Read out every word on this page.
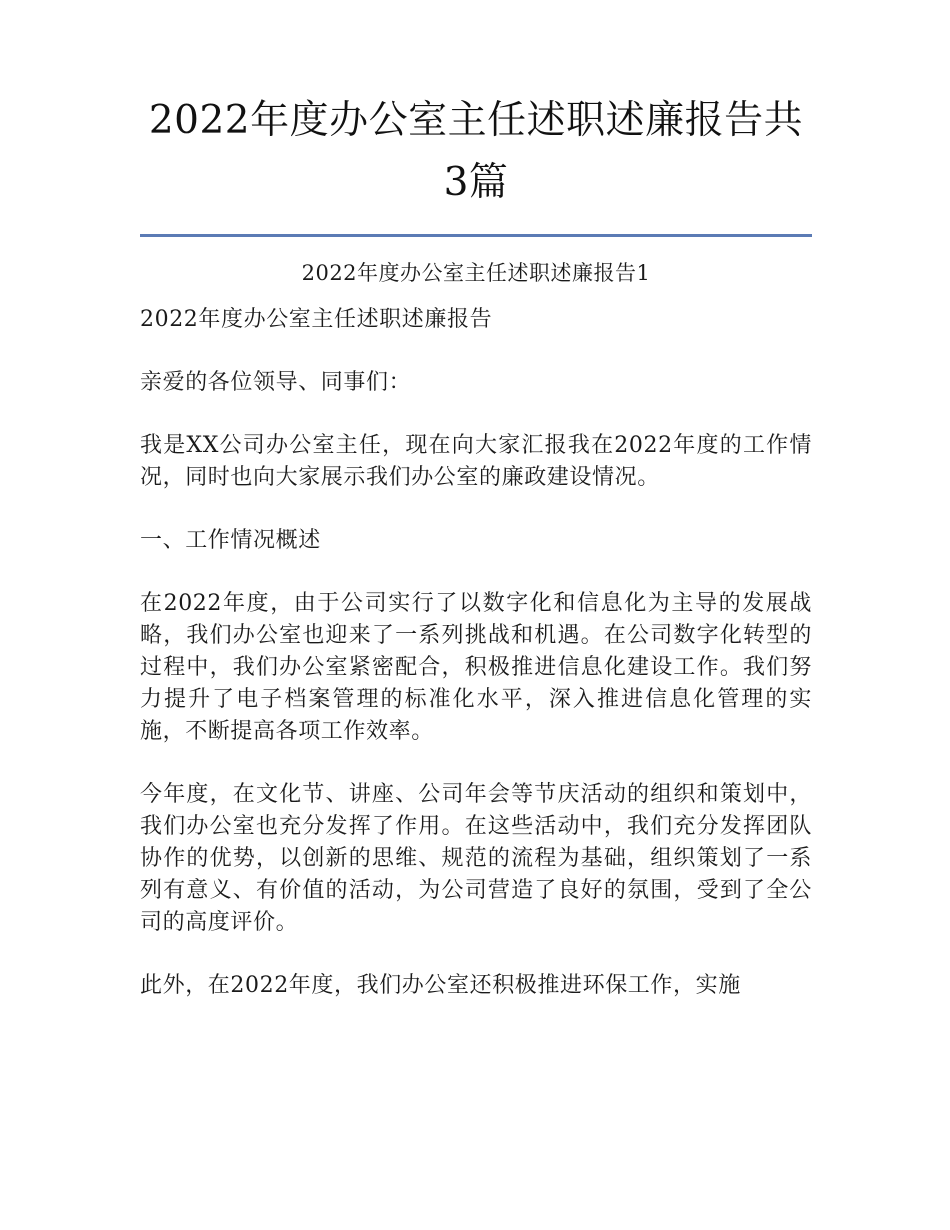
2022年度办公室主任述职述廉报告共3篇
2022年度办公室主任述职述廉报告1

2022年度办公室主任述职述廉报告

亲爱的各位领导、同事们：

我是XX公司办公室主任，现在向大家汇报我在2022年度的工作情况，同时也向大家展示我们办公室的廉政建设情况。

一、工作情况概述

在2022年度，由于公司实行了以数字化和信息化为主导的发展战略，我们办公室也迎来了一系列挑战和机遇。在公司数字化转型的过程中，我们办公室紧密配合，积极推进信息化建设工作。我们努力提升了电子档案管理的标准化水平，深入推进信息化管理的实施，不断提高各项工作效率。

今年度，在文化节、讲座、公司年会等节庆活动的组织和策划中，我们办公室也充分发挥了作用。在这些活动中，我们充分发挥团队协作的优势，以创新的思维、规范的流程为基础，组织策划了一系列有意义、有价值的活动，为公司营造了良好的氛围，受到了全公司的高度评价。

此外，在2022年度，我们办公室还积极推进环保工作，实施
